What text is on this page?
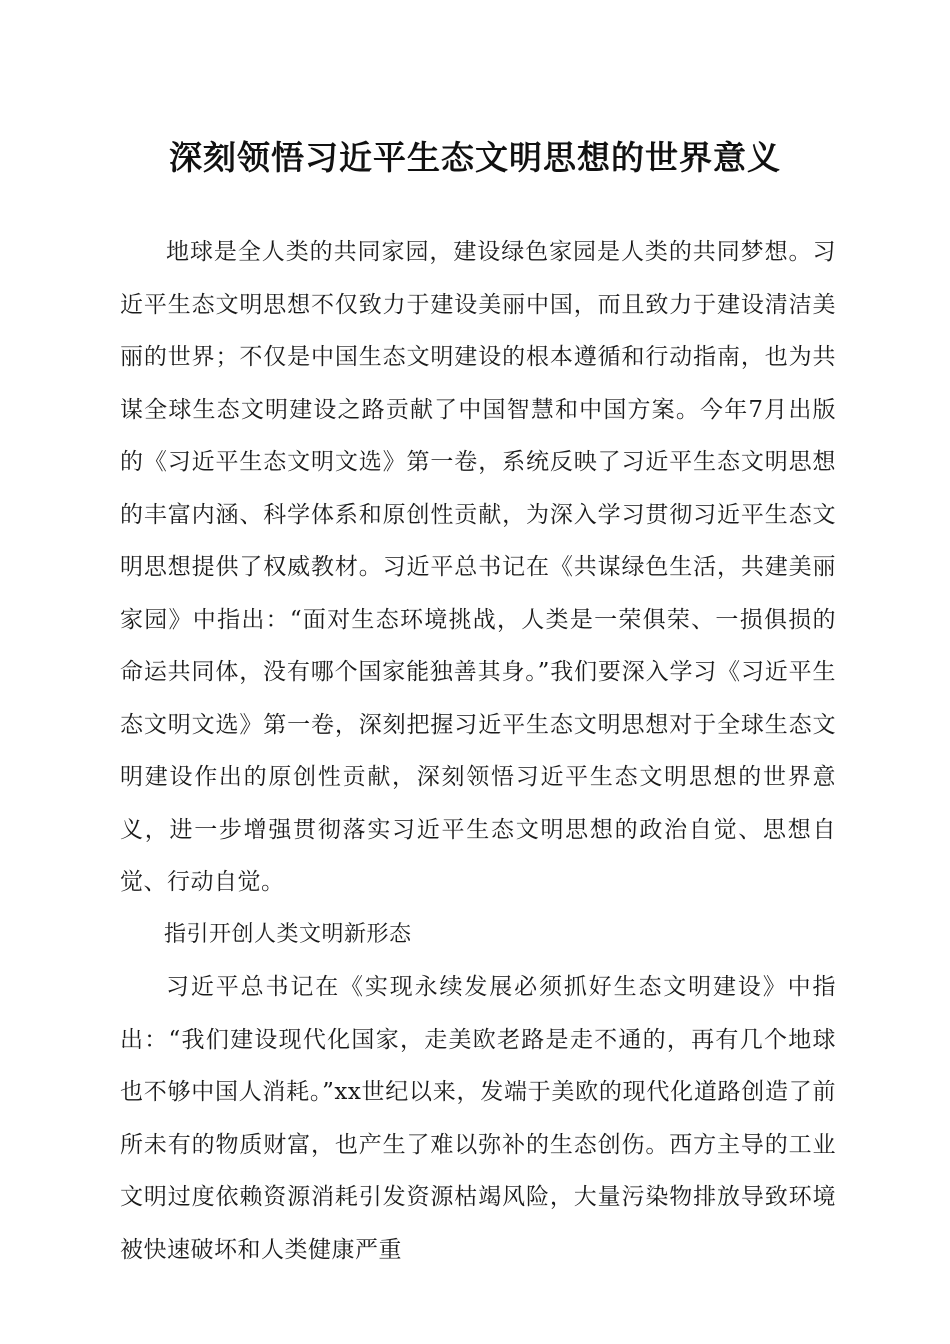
深刻领悟习近平生态文明思想的世界意义

地球是全人类的共同家园，建设绿色家园是人类的共同梦想。习近平生态文明思想不仅致力于建设美丽中国，而且致力于建设清洁美丽的世界；不仅是中国生态文明建设的根本遵循和行动指南，也为共谋全球生态文明建设之路贡献了中国智慧和中国方案。今年7月出版的《习近平生态文明文选》第一卷，系统反映了习近平生态文明思想的丰富内涵、科学体系和原创性贡献，为深入学习贯彻习近平生态文明思想提供了权威教材。习近平总书记在《共谋绿色生活，共建美丽家园》中指出：“面对生态环境挑战，人类是一荣俱荣、一损俱损的命运共同体，没有哪个国家能独善其身。”我们要深入学习《习近平生态文明文选》第一卷，深刻把握习近平生态文明思想对于全球生态文明建设作出的原创性贡献，深刻领悟习近平生态文明思想的世界意义，进一步增强贯彻落实习近平生态文明思想的政治自觉、思想自觉、行动自觉。

指引开创人类文明新形态

习近平总书记在《实现永续发展必须抓好生态文明建设》中指出：“我们建设现代化国家，走美欧老路是走不通的，再有几个地球也不够中国人消耗。”xx世纪以来，发端于美欧的现代化道路创造了前所未有的物质财富，也产生了难以弥补的生态创伤。西方主导的工业文明过度依赖资源消耗引发资源枯竭风险，大量污染物排放导致环境被快速破坏和人类健康严重
